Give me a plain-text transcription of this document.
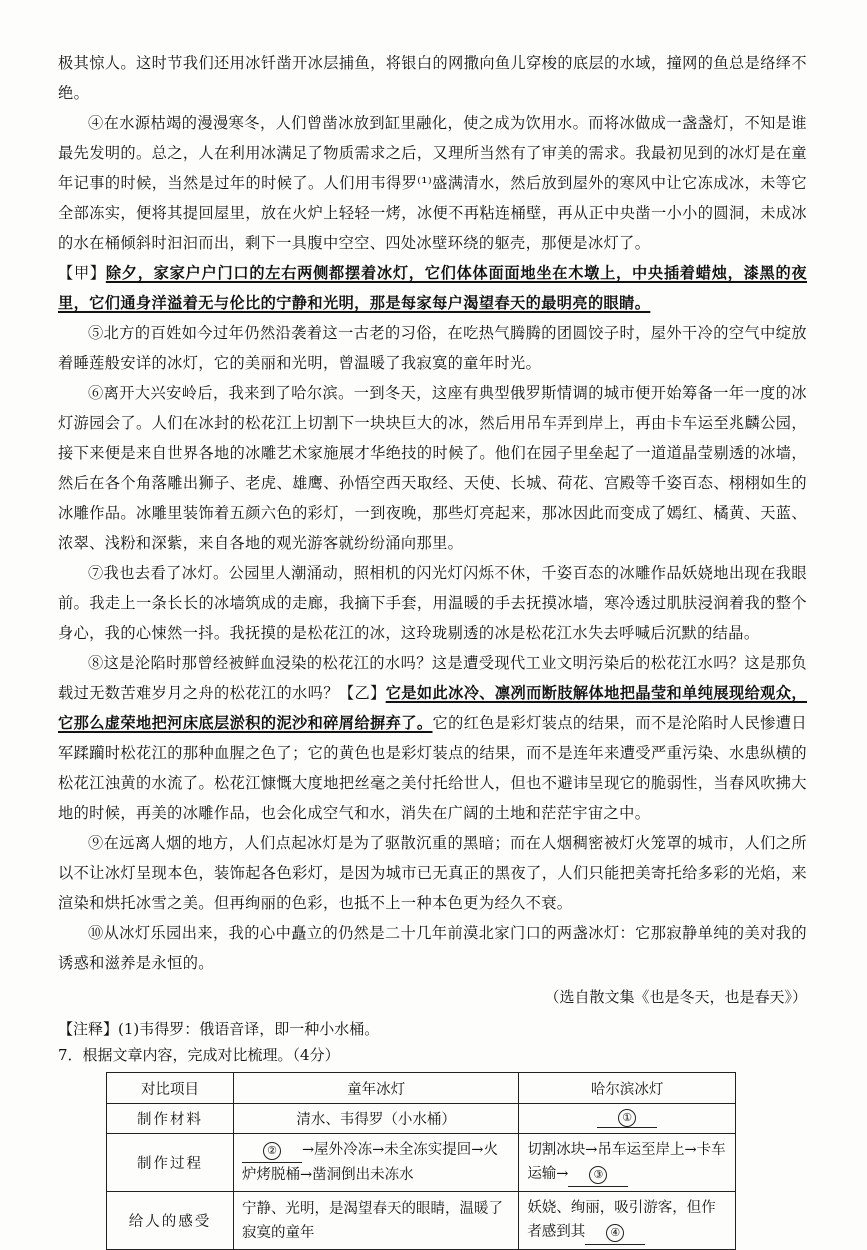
极其惊人。这时节我们还用冰钎凿开冰层捕鱼，将银白的网撒向鱼儿穿梭的底层的水域，撞网的鱼总是络绎不绝。

④在水源枯竭的漫漫寒冬，人们曾凿冰放到缸里融化，使之成为饮用水。而将冰做成一盏盏灯，不知是谁最先发明的。总之，人在利用冰满足了物质需求之后，又理所当然有了审美的需求。我最初见到的冰灯是在童年记事的时候，当然是过年的时候了。人们用韦得罗⁽¹⁾盛满清水，然后放到屋外的寒风中让它冻成冰，未等它全部冻实，便将其提回屋里，放在火炉上轻轻一烤，冰便不再粘连桶壁，再从正中央凿一小小的圆洞，未成冰的水在桶倾斜时汩汩而出，剩下一具腹中空空、四处冰壁环绕的躯壳，那便是冰灯了。

【甲】除夕，家家户户门口的左右两侧都摆着冰灯，它们体体面面地坐在木墩上，中央插着蜡烛，漆黑的夜里，它们通身洋溢着无与伦比的宁静和光明，那是每家每户渴望春天的最明亮的眼睛。

⑤北方的百姓如今过年仍然沿袭着这一古老的习俗，在吃热气腾腾的团圆饺子时，屋外干冷的空气中绽放着睡莲般安详的冰灯，它的美丽和光明，曾温暖了我寂寞的童年时光。

⑥离开大兴安岭后，我来到了哈尔滨。一到冬天，这座有典型俄罗斯情调的城市便开始筹备一年一度的冰灯游园会了。人们在冰封的松花江上切割下一块块巨大的冰，然后用吊车弄到岸上，再由卡车运至兆麟公园，接下来便是来自世界各地的冰雕艺术家施展才华绝技的时候了。他们在园子里垒起了一道道晶莹剔透的冰墙，然后在各个角落雕出狮子、老虎、雄鹰、孙悟空西天取经、天使、长城、荷花、宫殿等千姿百态、栩栩如生的冰雕作品。冰雕里装饰着五颜六色的彩灯，一到夜晚，那些灯亮起来，那冰因此而变成了嫣红、橘黄、天蓝、浓翠、浅粉和深紫，来自各地的观光游客就纷纷涌向那里。

⑦我也去看了冰灯。公园里人潮涌动，照相机的闪光灯闪烁不休，千姿百态的冰雕作品妖娆地出现在我眼前。我走上一条长长的冰墙筑成的走廊，我摘下手套，用温暖的手去抚摸冰墙，寒冷透过肌肤浸润着我的整个身心，我的心悚然一抖。我抚摸的是松花江的冰，这玲珑剔透的冰是松花江水失去呼喊后沉默的结晶。

⑧这是沦陷时那曾经被鲜血浸染的松花江的水吗？这是遭受现代工业文明污染后的松花江水吗？这是那负载过无数苦难岁月之舟的松花江的水吗？【乙】它是如此冰冷、凛冽而断肢解体地把晶莹和单纯展现给观众，它那么虚荣地把河床底层淤积的泥沙和碎屑给摒弃了。它的红色是彩灯装点的结果，而不是沦陷时人民惨遭日军蹂躏时松花江的那种血腥之色了；它的黄色也是彩灯装点的结果，而不是连年来遭受严重污染、水患纵横的松花江浊黄的水流了。松花江慷慨大度地把丝毫之美付托给世人，但也不避讳呈现它的脆弱性，当春风吹拂大地的时候，再美的冰雕作品，也会化成空气和水，消失在广阔的土地和茫茫宇宙之中。

⑨在远离人烟的地方，人们点起冰灯是为了驱散沉重的黑暗；而在人烟稠密被灯火笼罩的城市，人们之所以不让冰灯呈现本色，装饰起各色彩灯，是因为城市已无真正的黑夜了，人们只能把美寄托给多彩的光焰，来渲染和烘托冰雪之美。但再绚丽的色彩，也抵不上一种本色更为经久不衰。

⑩从冰灯乐园出来，我的心中矗立的仍然是二十几年前漠北家门口的两盏冰灯：它那寂静单纯的美对我的诱惑和滋养是永恒的。

（选自散文集《也是冬天，也是春天》）

【注释】(1)韦得罗：俄语音译，即一种小水桶。

7．根据文章内容，完成对比梳理。（4分）

对比项目	童年冰灯	哈尔滨冰灯
制作材料	清水、韦得罗（小水桶）	①
制作过程	② →屋外冷冻→未全冻实提回→火炉烤脱桶→凿洞倒出未冻水	切割冰块→吊车运至岸上→卡车运输→ ③
给人的感受	宁静、光明，是渴望春天的眼睛，温暖了寂寞的童年	妖娆、绚丽，吸引游客，但作者感到其 ④
